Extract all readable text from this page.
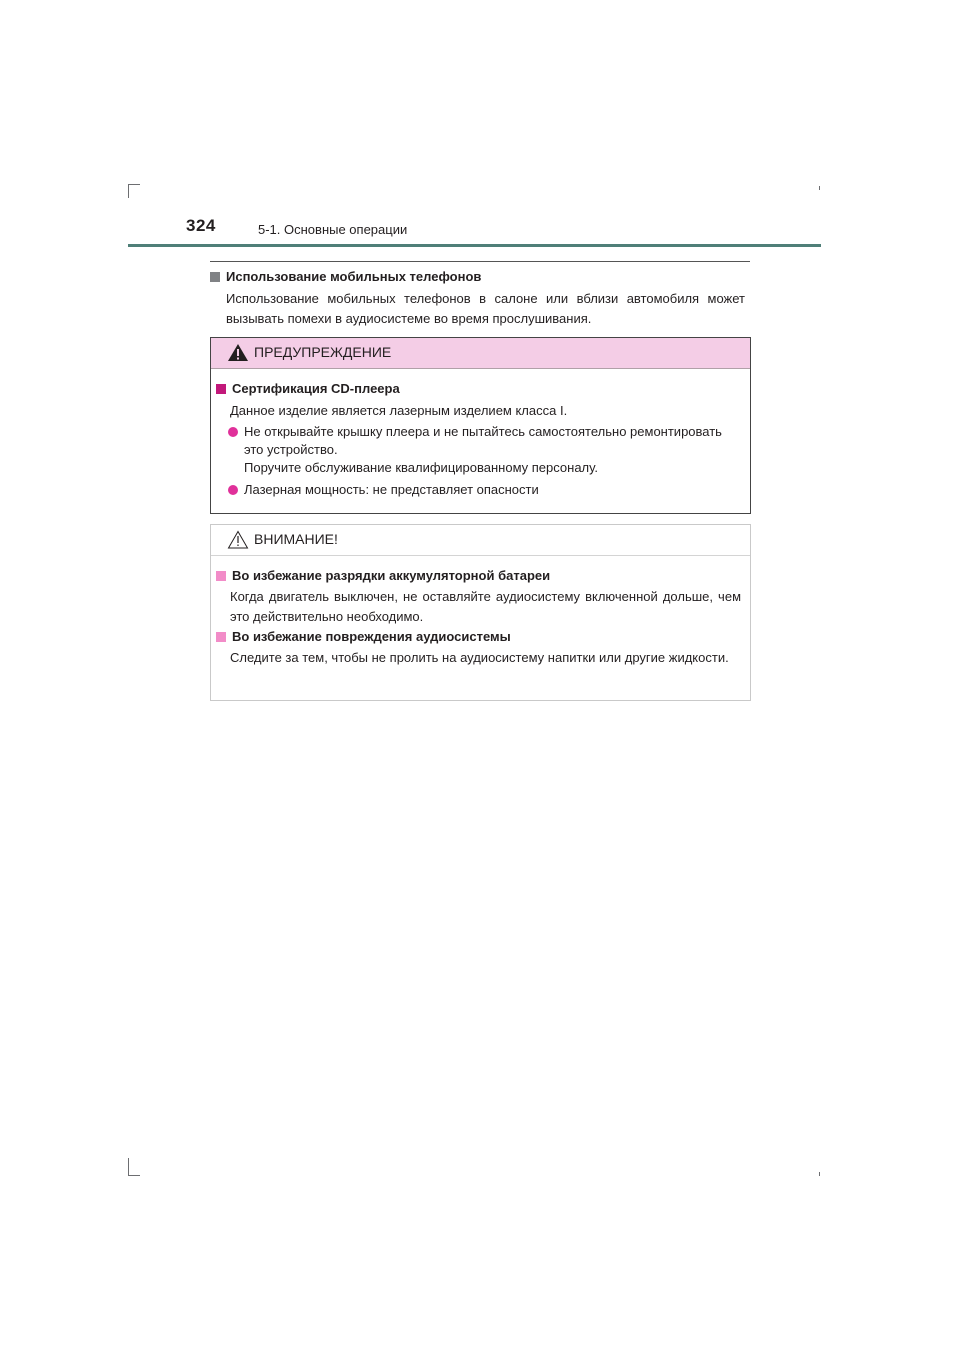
324	5-1. Основные операции
Использование мобильных телефонов
Использование мобильных телефонов в салоне или вблизи автомобиля может вызывать помехи в аудиосистеме во время прослушивания.
ПРЕДУПРЕЖДЕНИЕ
Сертификация CD-плеера
Данное изделие является лазерным изделием класса I.
Не открывайте крышку плеера и не пытайтесь самостоятельно ремонтировать
это устройство.
Поручите обслуживание квалифицированному персоналу.
Лазерная мощность: не представляет опасности
ВНИМАНИЕ!
Во избежание разрядки аккумуляторной батареи
Когда двигатель выключен, не оставляйте аудиосистему включенной дольше, чем это действительно необходимо.
Во избежание повреждения аудиосистемы
Следите за тем, чтобы не пролить на аудиосистему напитки или другие жидкости.
